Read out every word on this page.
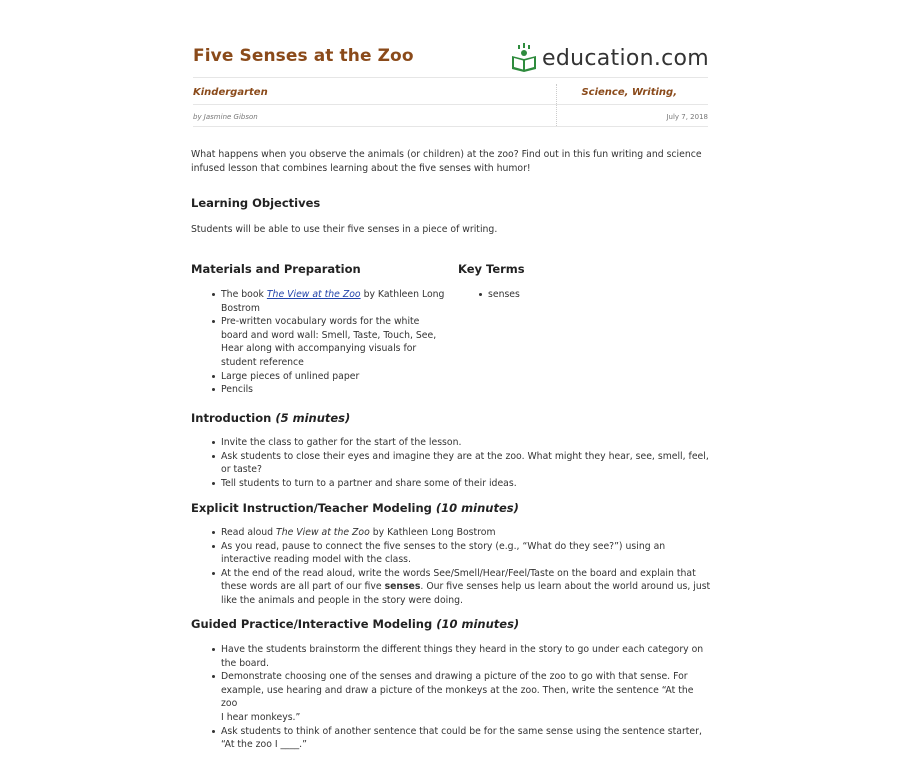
Five Senses at the Zoo	education.com
Kindergarten	Science, Writing,
by Jasmine Gibson	July 7, 2018
What happens when you observe the animals (or children) at the zoo? Find out in this fun writing and science
infused lesson that combines learning about the five senses with humor!
Learning Objectives
Students will be able to use their five senses in a piece of writing.
Materials and Preparation	Key Terms
The book The View at the Zoo by Kathleen Long
Bostrom
Pre-written vocabulary words for the white
board and word wall: Smell, Taste, Touch, See,
Hear along with accompanying visuals for
student reference
Large pieces of unlined paper
Pencils
senses
Introduction (5 minutes)
Invite the class to gather for the start of the lesson.
Ask students to close their eyes and imagine they are at the zoo. What might they hear, see, smell, feel,
or taste?
Tell students to turn to a partner and share some of their ideas.
Explicit Instruction/Teacher Modeling (10 minutes)
Read aloud The View at the Zoo by Kathleen Long Bostrom
As you read, pause to connect the five senses to the story (e.g., “What do they see?”) using an
interactive reading model with the class.
At the end of the read aloud, write the words See/Smell/Hear/Feel/Taste on the board and explain that
these words are all part of our five senses. Our five senses help us learn about the world around us, just
like the animals and people in the story were doing.
Guided Practice/Interactive Modeling (10 minutes)
Have the students brainstorm the different things they heard in the story to go under each category on
the board.
Demonstrate choosing one of the senses and drawing a picture of the zoo to go with that sense. For
example, use hearing and draw a picture of the monkeys at the zoo. Then, write the sentence “At the zoo
I hear monkeys.”
Ask students to think of another sentence that could be for the same sense using the sentence starter,
“At the zoo I ____.”
